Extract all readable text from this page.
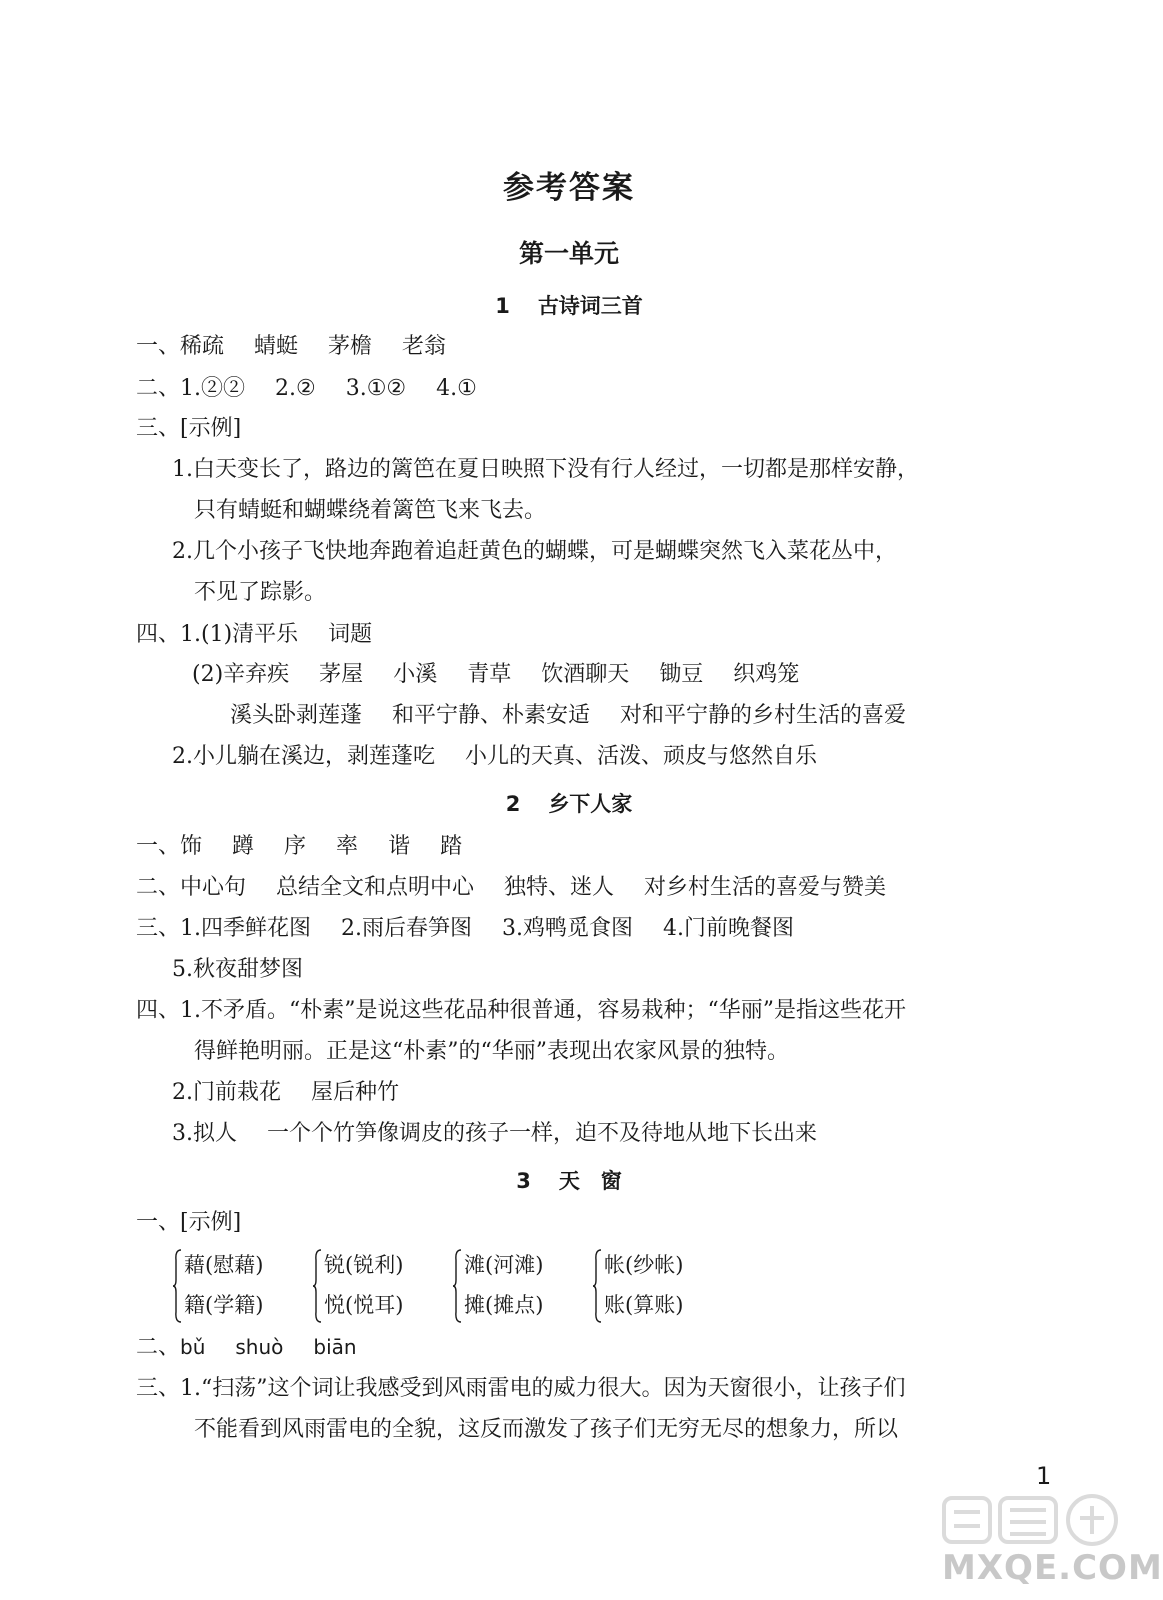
参考答案
第一单元
1 古诗词三首
一、稀疏 蜻蜓 茅檐 老翁
二、1.②② 2.② 3.①② 4.①
三、[示例]
1.白天变长了，路边的篱笆在夏日映照下没有行人经过，一切都是那样安静，
只有蜻蜓和蝴蝶绕着篱笆飞来飞去。
2.几个小孩子飞快地奔跑着追赶黄色的蝴蝶，可是蝴蝶突然飞入菜花丛中，
不见了踪影。
四、1.(1)清平乐 词题
(2)辛弃疾 茅屋 小溪 青草 饮酒聊天 锄豆 织鸡笼
溪头卧剥莲蓬 和平宁静、朴素安适 对和平宁静的乡村生活的喜爱
2.小儿躺在溪边，剥莲蓬吃 小儿的天真、活泼、顽皮与悠然自乐
2 乡下人家
一、饰 蹲 序 率 谐 踏
二、中心句 总结全文和点明中心 独特、迷人 对乡村生活的喜爱与赞美
三、1.四季鲜花图 2.雨后春笋图 3.鸡鸭觅食图 4.门前晚餐图
5.秋夜甜梦图
四、1.不矛盾。“朴素”是说这些花品种很普通，容易栽种；“华丽”是指这些花开
得鲜艳明丽。正是这“朴素”的“华丽”表现出农家风景的独特。
2.门前栽花 屋后种竹
3.拟人 一个个竹笋像调皮的孩子一样，迫不及待地从地下长出来
3 天　窗
一、[示例]
藉(慰藉)
籍(学籍)
锐(锐利)
悦(悦耳)
滩(河滩)
摊(摊点)
帐(纱帐)
账(算账)
二、bǔ shuò biān
三、1.“扫荡”这个词让我感受到风雨雷电的威力很大。因为天窗很小，让孩子们
不能看到风雨雷电的全貌，这反而激发了孩子们无穷无尽的想象力，所以
1
MXQE.COM
